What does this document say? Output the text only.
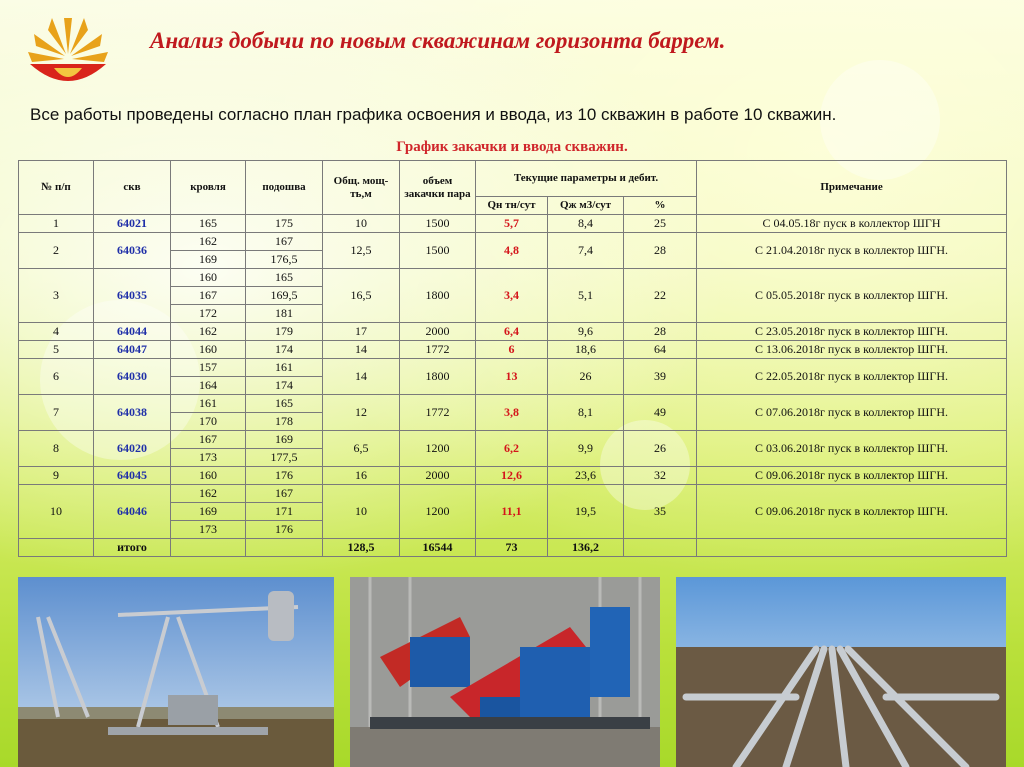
Анализ добычи по новым скважинам горизонта баррем.
Все работы проведены согласно план графика освоения и ввода, из 10 скважин в работе 10 скважин.
График закачки и ввода скважин.
№ п/п	скв	кровля	подошва	Общ. мощ-ть,м	объем закачки пара	Текущие параметры и дебит.			Примечание
						Qн тн/сут	Qж м3/сут	%	
1	64021	165	175	10	1500	5,7	8,4	25	С 04.05.18г пуск в коллектор ШГН
2	64036	162	167	12,5	1500	4,8	7,4	28	С 21.04.2018г пуск в коллектор ШГН.
		169	176,5						
3	64035	160	165	16,5	1800	3,4	5,1	22	С 05.05.2018г пуск в коллектор ШГН.
		167	169,5						
		172	181						
4	64044	162	179	17	2000	6,4	9,6	28	С 23.05.2018г пуск в коллектор ШГН.
5	64047	160	174	14	1772	6	18,6	64	С 13.06.2018г пуск в коллектор ШГН.
6	64030	157	161	14	1800	13	26	39	С 22.05.2018г пуск в коллектор ШГН.
		164	174						
7	64038	161	165	12	1772	3,8	8,1	49	С 07.06.2018г пуск в коллектор ШГН.
		170	178						
8	64020	167	169	6,5	1200	6,2	9,9	26	С 03.06.2018г пуск в коллектор ШГН.
		173	177,5						
9	64045	160	176	16	2000	12,6	23,6	32	С 09.06.2018г пуск в коллектор ШГН.
10	64046	162	167	10	1200	11,1	19,5	35	С 09.06.2018г пуск в коллектор ШГН.
		169	171						
		173	176						
	итого			128,5	16544	73	136,2		
